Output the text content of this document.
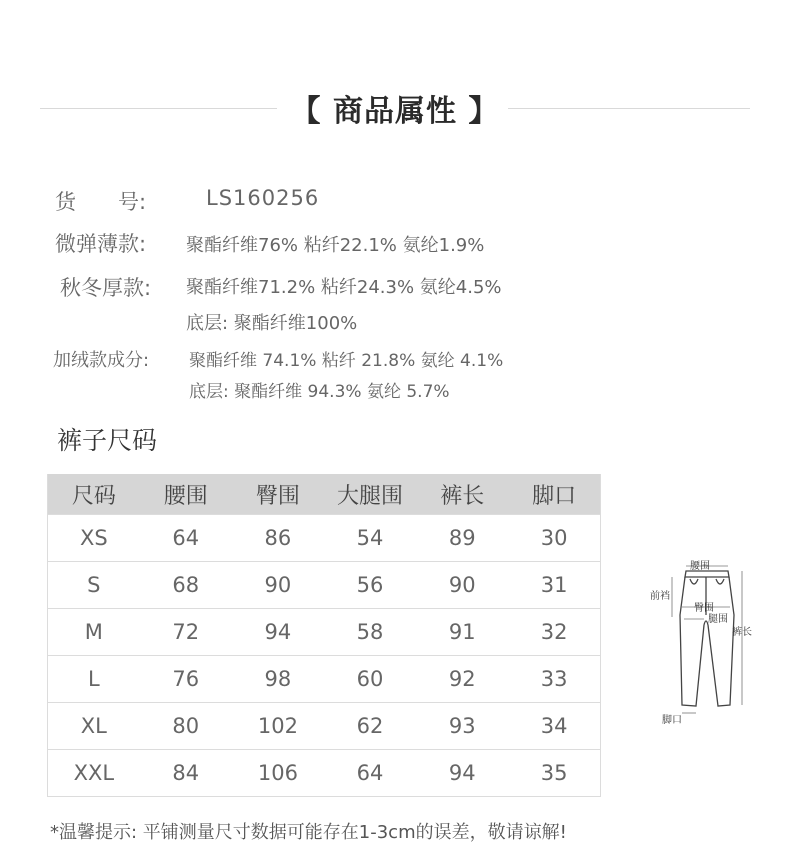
【 商品属性 】
货　　号:	LS160256
微弹薄款: 聚酯纤维76% 粘纤22.1% 氨纶1.9%
秋冬厚款: 聚酯纤维71.2% 粘纤24.3% 氨纶4.5%
底层: 聚酯纤维100%
加绒款成分: 聚酯纤维 74.1% 粘纤 21.8% 氨纶 4.1%
底层: 聚酯纤维 94.3% 氨纶 5.7%
裤子尺码
尺码	腰围	臀围	大腿围	裤长	脚口
XS	64	86	54	89	30
S	68	90	56	90	31
M	72	94	58	91	32
L	76	98	60	92	33
XL	80	102	62	93	34
XXL	84	106	64	94	35
腰围
前裆
臀围
腿围
裤长
脚口
*温馨提示: 平铺测量尺寸数据可能存在1-3cm的误差，敬请谅解!
